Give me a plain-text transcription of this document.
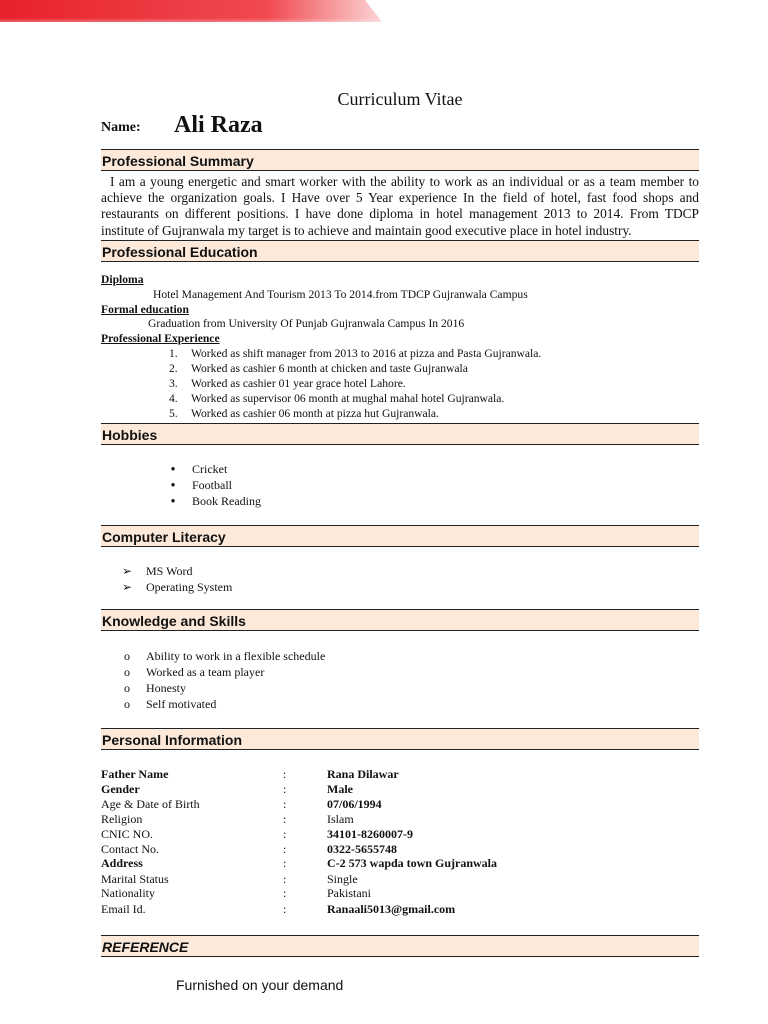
Curriculum Vitae
Name: Ali Raza
Professional Summary
I am a young energetic and smart worker with the ability to work as an individual or as a team member to achieve the organization goals. I Have over 5 Year experience In the field of hotel, fast food shops and restaurants on different positions. I have done diploma in hotel management 2013 to 2014. From TDCP institute of Gujranwala my target is to achieve and maintain good executive place in hotel industry.
Professional Education
Diploma
Hotel Management And Tourism 2013 To 2014.from TDCP Gujranwala Campus
Formal education
Graduation from University Of Punjab Gujranwala Campus In 2016
Professional Experience
1. Worked as shift manager from 2013 to 2016 at pizza and Pasta Gujranwala.
2. Worked as cashier 6 month at chicken and taste Gujranwala
3. Worked as cashier 01 year grace hotel Lahore.
4. Worked as supervisor 06 month at mughal mahal hotel Gujranwala.
5. Worked as cashier 06 month at pizza hut Gujranwala.
Hobbies
●	Cricket
●	Football
●	Book Reading
Computer Literacy
➢ MS Word
➢ Operating System
Knowledge and Skills
o	Ability to work in a flexible schedule
o	Worked as a team player
o	Honesty
o	Self motivated
Personal Information
Father Name	:	Rana Dilawar
Gender	:	Male
Age & Date of Birth	:	07/06/1994
Religion	:	Islam
CNIC NO.	:	34101-8260007-9
Contact No.	:	0322-5655748
Address	:	C-2 573 wapda town Gujranwala
Marital Status	:	Single
Nationality	:	Pakistani
Email Id.	:	Ranaali5013@gmail.com
REFERENCE
Furnished on your demand
